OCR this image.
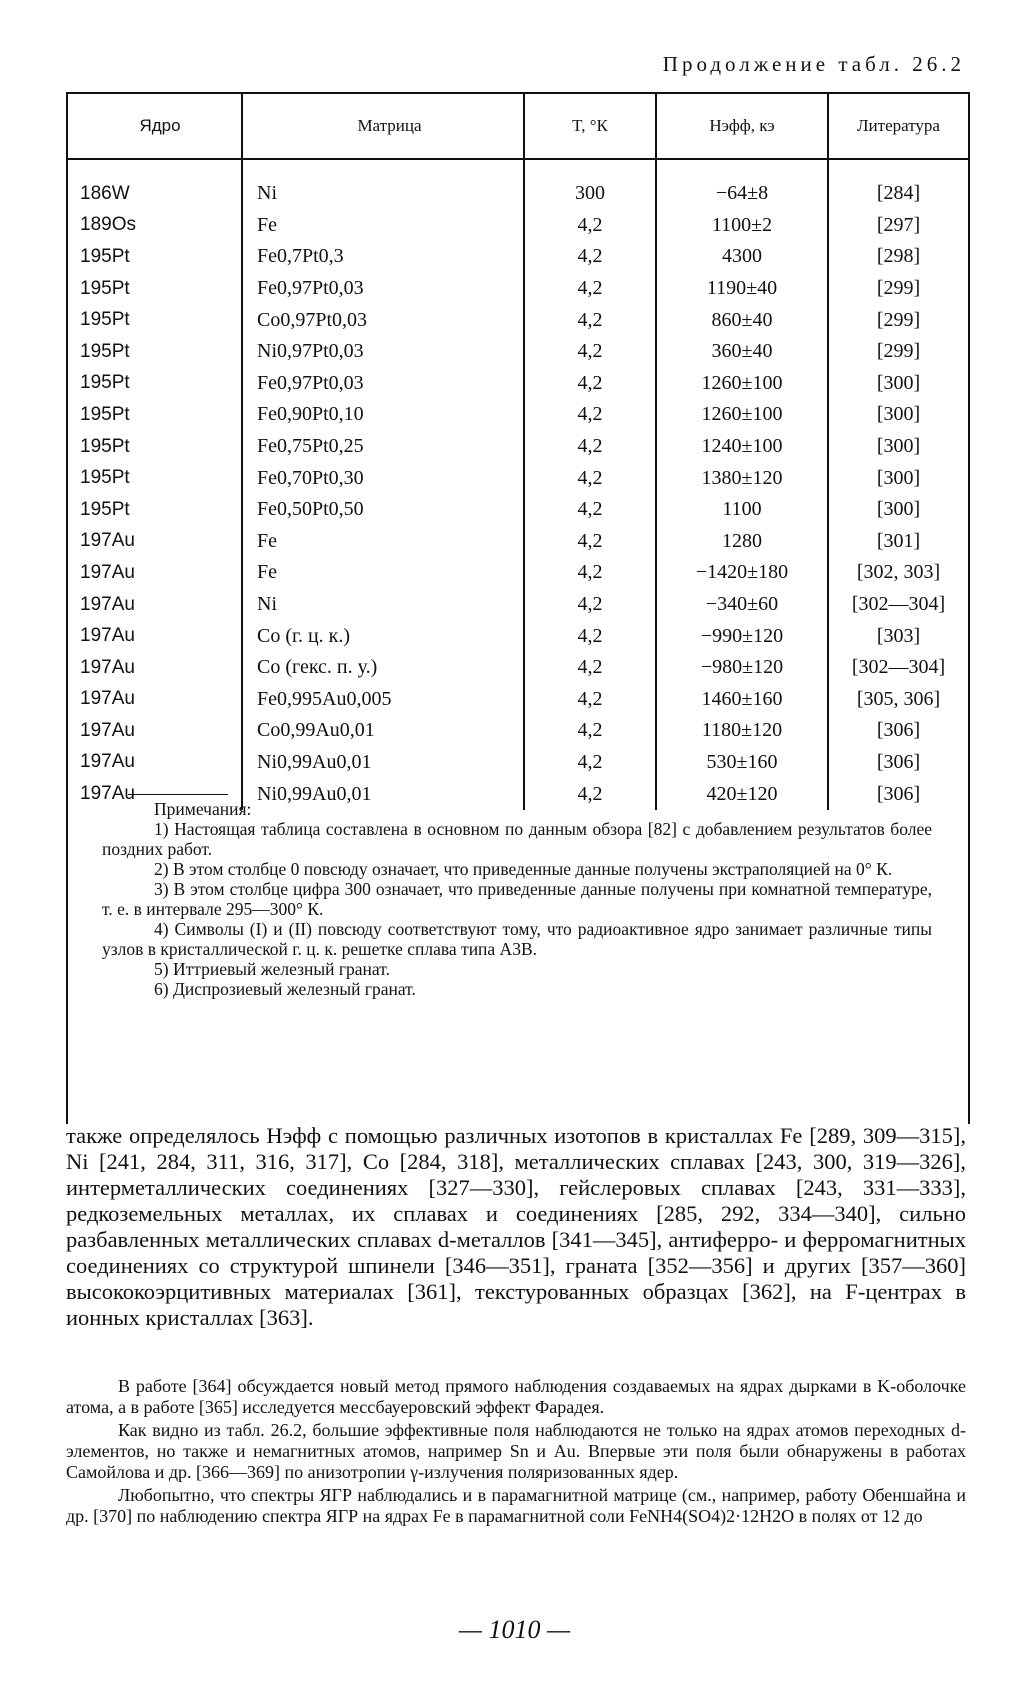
Продолжение табл. 26.2
Ядро	Матрица	T, °К	Hэфф, кэ	Литература
186W	Ni	300	−64±8	[284]
189Os	Fe	4,2	1100±2	[297]
195Pt	Fe0,7Pt0,3	4,2	4300	[298]
195Pt	Fe0,97Pt0,03	4,2	1190±40	[299]
195Pt	Co0,97Pt0,03	4,2	860±40	[299]
195Pt	Ni0,97Pt0,03	4,2	360±40	[299]
195Pt	Fe0,97Pt0,03	4,2	1260±100	[300]
195Pt	Fe0,90Pt0,10	4,2	1260±100	[300]
195Pt	Fe0,75Pt0,25	4,2	1240±100	[300]
195Pt	Fe0,70Pt0,30	4,2	1380±120	[300]
195Pt	Fe0,50Pt0,50	4,2	1100	[300]
197Au	Fe	4,2	1280	[301]
197Au	Fe	4,2	−1420±180	[302, 303]
197Au	Ni	4,2	−340±60	[302—304]
197Au	Co (г. ц. к.)	4,2	−990±120	[303]
197Au	Co (гекс. п. у.)	4,2	−980±120	[302—304]
197Au	Fe0,995Au0,005	4,2	1460±160	[305, 306]
197Au	Co0,99Au0,01	4,2	1180±120	[306]
197Au	Ni0,99Au0,01	4,2	530±160	[306]
197Au	Ni0,99Au0,01	4,2	420±120	[306]

Примечания:

1) Настоящая таблица составлена в основном по данным обзора [82] с добавлением результатов более поздних работ.

2) В этом столбце 0 повсюду означает, что приведенные данные получены экстраполяцией на 0° К.

3) В этом столбце цифра 300 означает, что приведенные данные получены при комнатной температуре, т. е. в интервале 295—300° К.

4) Символы (I) и (II) повсюду соответствуют тому, что радиоактивное ядро занимает различные типы узлов в кристаллической г. ц. к. решетке сплава типа A3B.

5) Иттриевый железный гранат.

6) Диспрозиевый железный гранат.

также определялось Hэфф с помощью различных изотопов в кристаллах Fe [289, 309—315], Ni [241, 284, 311, 316, 317], Co [284, 318], металлических сплавах [243, 300, 319—326], интерметаллических соединениях [327—330], гейслеровых сплавах [243, 331—333], редкоземельных металлах, их сплавах и соединениях [285, 292, 334—340], сильно разбавленных металлических сплавах d-металлов [341—345], антиферро- и ферромагнитных соединениях со структурой шпинели [346—351], граната [352—356] и других [357—360] высококоэрцитивных материалах [361], текстурованных образцах [362], на F-центрах в ионных кристаллах [363].

В работе [364] обсуждается новый метод прямого наблюдения создаваемых на ядрах дырками в K-оболочке атома, а в работе [365] исследуется мессбауеровский эффект Фарадея.

Как видно из табл. 26.2, большие эффективные поля наблюдаются не только на ядрах атомов переходных d-элементов, но также и немагнитных атомов, например Sn и Au. Впервые эти поля были обнаружены в работах Самойлова и др. [366—369] по анизотропии γ-излучения поляризованных ядер.

Любопытно, что спектры ЯГР наблюдались и в парамагнитной матрице (см., например, работу Обеншайна и др. [370] по наблюдению спектра ЯГР на ядрах Fe в парамагнитной соли FeNH4(SO4)2·12H2O в полях от 12 до

— 1010 —
